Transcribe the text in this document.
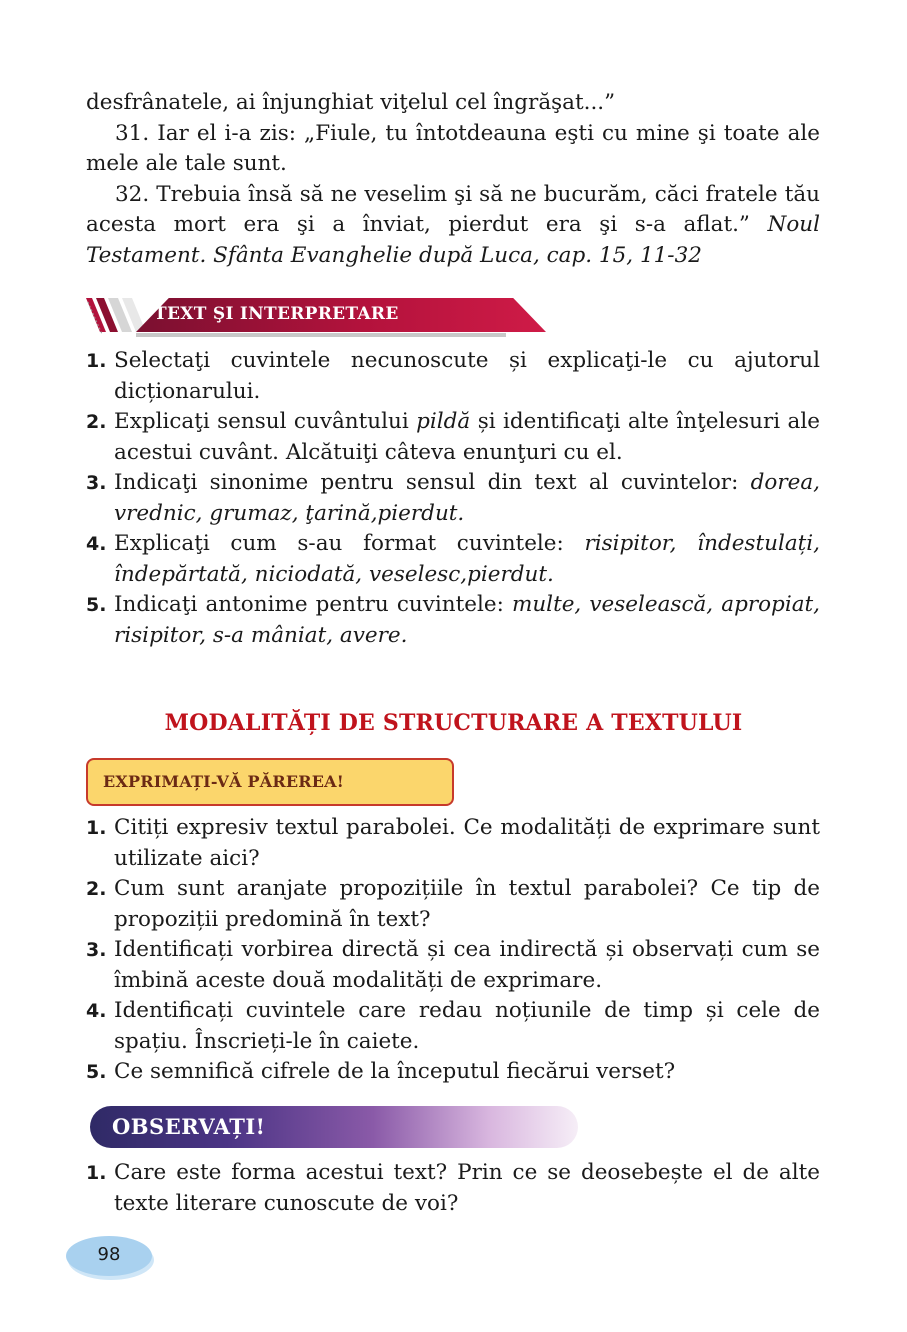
desfrânatele, ai înjunghiat viţelul cel îngrăşat...”

31. Iar el i-a zis: „Fiule, tu întotdeauna eşti cu mine şi toate ale mele ale tale sunt.

32. Trebuia însă să ne veselim şi să ne bucurăm, căci fratele tău acesta mort era şi a înviat, pierdut era şi s-a aflat.” Noul Testament. Sfânta Evanghelie după Luca, cap. 15, 11-32

TEXT ŞI INTERPRETARE
1. Selectaţi cuvintele necunoscute și explicaţi-le cu ajutorul dicționarului.
2. Explicaţi sensul cuvântului pildă și identificaţi alte înţelesuri ale acestui cuvânt. Alcătuiţi câteva enunţuri cu el.
3. Indicaţi sinonime pentru sensul din text al cuvintelor: dorea, vrednic, grumaz, ţarină,pierdut.
4. Explicaţi cum s-au format cuvintele: risipitor, îndestulați, îndepărtată, niciodată, veselesc,pierdut.
5. Indicaţi antonime pentru cuvintele: multe, veselească, apropiat, risipitor, s-a mâniat, avere.
MODALITĂȚI DE STRUCTURARE A TEXTULUI
EXPRIMAȚI-VĂ PĂREREA!
1. Citiți expresiv textul parabolei. Ce modalități de exprimare sunt utilizate aici?
2. Cum sunt aranjate propozițiile în textul parabolei? Ce tip de propoziții predomină în text?
3. Identificați vorbirea directă și cea indirectă și observați cum se îmbină aceste două modalități de exprimare.
4. Identificați cuvintele care redau noțiunile de timp și cele de spațiu. Înscrieți-le în caiete.
5. Ce semnifică cifrele de la începutul fiecărui verset?
OBSERVAȚI!
1. Care este forma acestui text? Prin ce se deosebește el de alte texte literare cunoscute de voi?
98
